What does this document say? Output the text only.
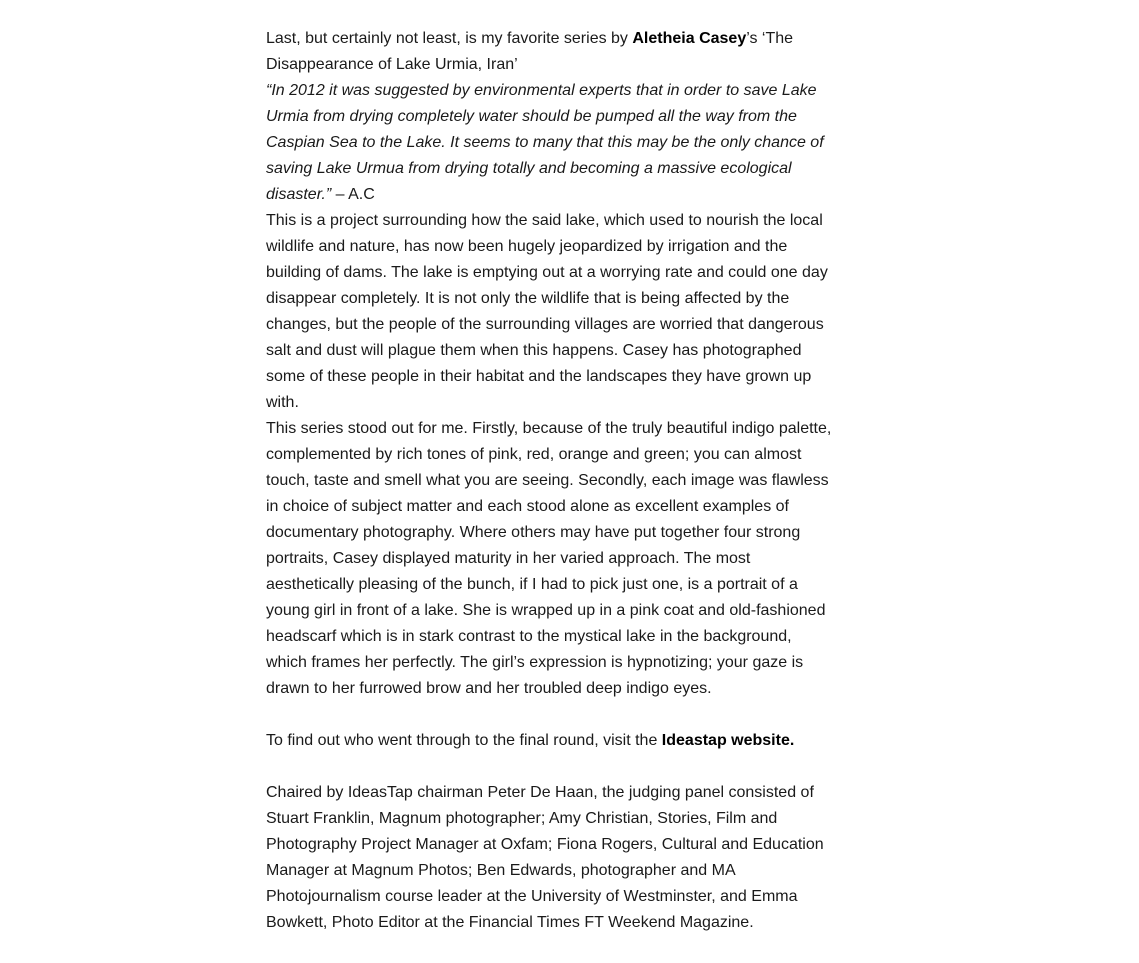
Last, but certainly not least, is my favorite series by Aletheia Casey’s ‘The Disappearance of Lake Urmia, Iran’

“In 2012 it was suggested by environmental experts that in order to save Lake Urmia from drying completely water should be pumped all the way from the Caspian Sea to the Lake. It seems to many that this may be the only chance of saving Lake Urmua from drying totally and becoming a massive ecological disaster.” – A.C

This is a project surrounding how the said lake, which used to nourish the local wildlife and nature, has now been hugely jeopardized by irrigation and the building of dams. The lake is emptying out at a worrying rate and could one day disappear completely. It is not only the wildlife that is being affected by the changes, but the people of the surrounding villages are worried that dangerous salt and dust will plague them when this happens. Casey has photographed some of these people in their habitat and the landscapes they have grown up with.

This series stood out for me. Firstly, because of the truly beautiful indigo palette, complemented by rich tones of pink, red, orange and green; you can almost touch, taste and smell what you are seeing. Secondly, each image was flawless in choice of subject matter and each stood alone as excellent examples of documentary photography. Where others may have put together four strong portraits, Casey displayed maturity in her varied approach. The most aesthetically pleasing of the bunch, if I had to pick just one, is a portrait of a young girl in front of a lake. She is wrapped up in a pink coat and old-fashioned headscarf which is in stark contrast to the mystical lake in the background, which frames her perfectly. The girl’s expression is hypnotizing; your gaze is drawn to her furrowed brow and her troubled deep indigo eyes.

To find out who went through to the final round, visit the Ideastap website.

Chaired by IdeasTap chairman Peter De Haan, the judging panel consisted of Stuart Franklin, Magnum photographer; Amy Christian, Stories, Film and Photography Project Manager at Oxfam; Fiona Rogers, Cultural and Education Manager at Magnum Photos; Ben Edwards, photographer and MA Photojournalism course leader at the University of Westminster, and Emma Bowkett, Photo Editor at the Financial Times FT Weekend Magazine.
